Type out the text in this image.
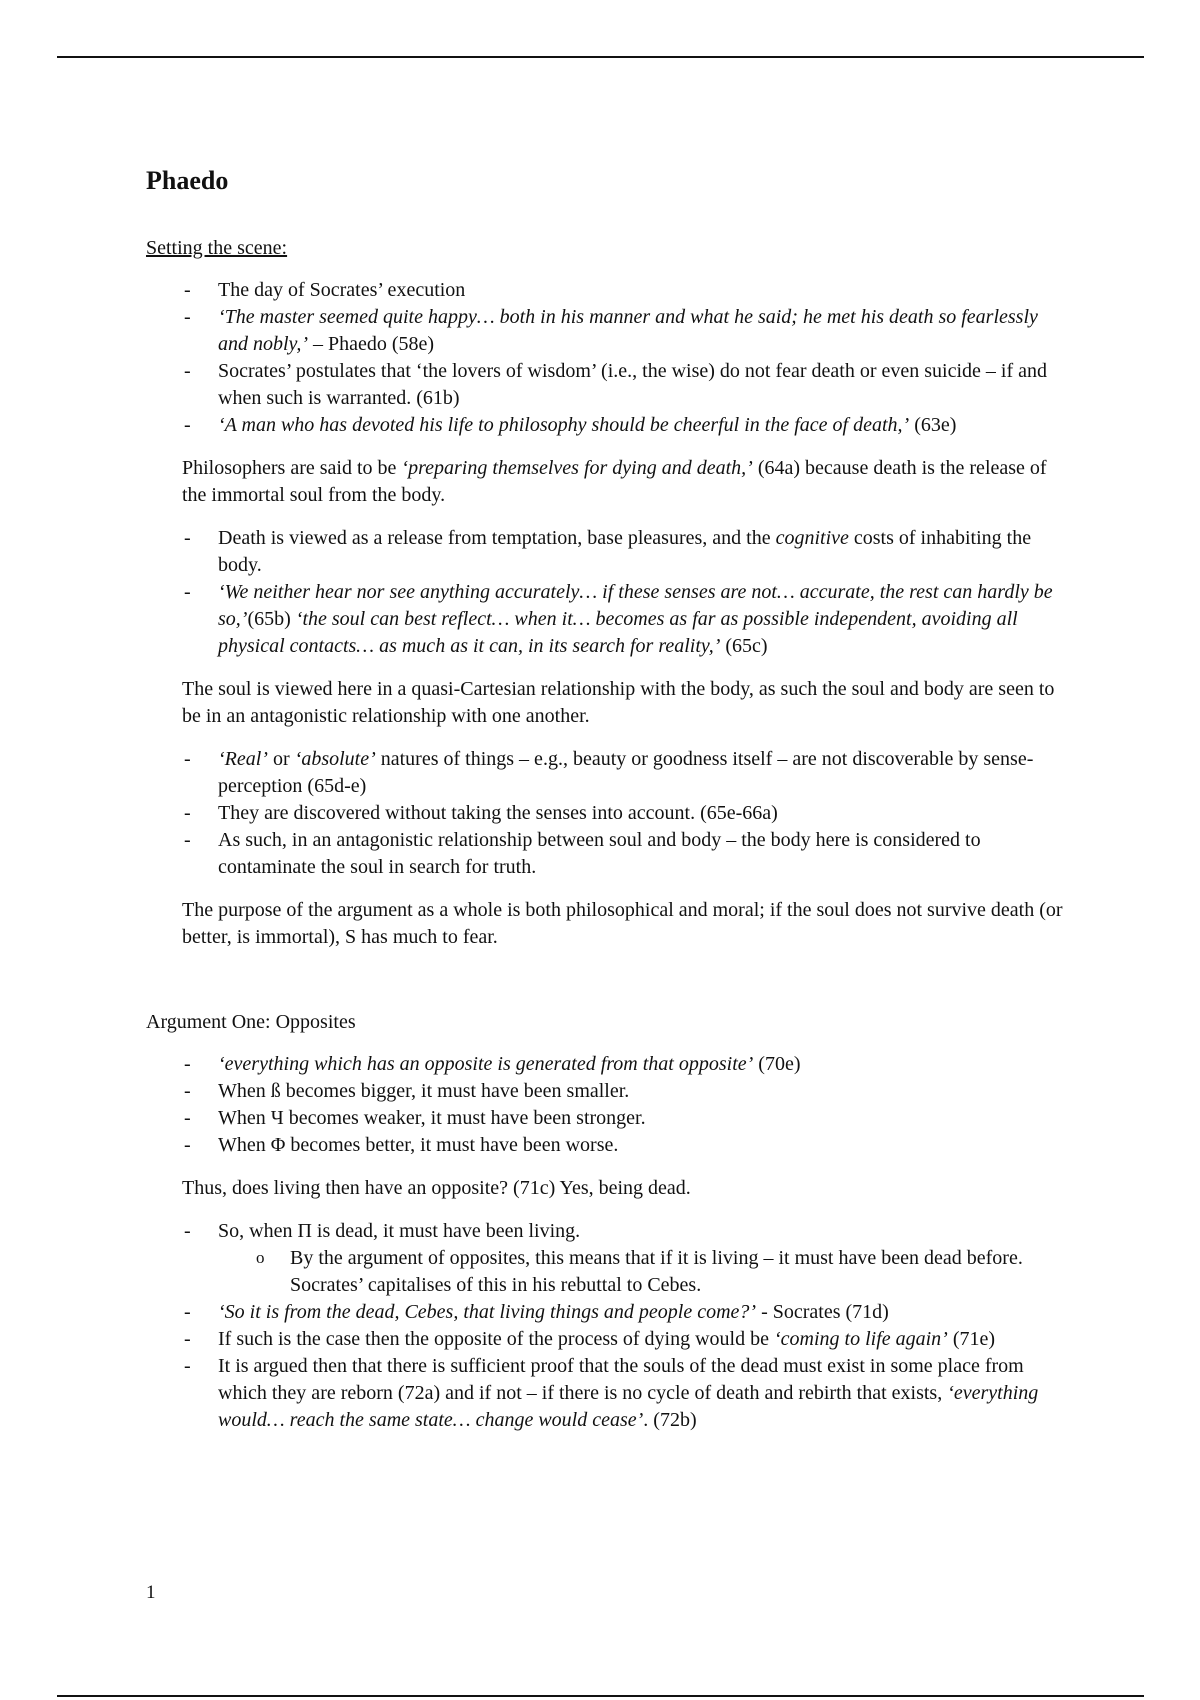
Phaedo
Setting the scene:
- The day of Socrates’ execution
- ‘The master seemed quite happy… both in his manner and what he said; he met his death so fearlessly and nobly,’ – Phaedo (58e)
- Socrates’ postulates that ‘the lovers of wisdom’ (i.e., the wise) do not fear death or even suicide – if and when such is warranted. (61b)
- ‘A man who has devoted his life to philosophy should be cheerful in the face of death,’ (63e)

Philosophers are said to be ‘preparing themselves for dying and death,’ (64a) because death is the release of the immortal soul from the body.

- Death is viewed as a release from temptation, base pleasures, and the cognitive costs of inhabiting the body.
- ‘We neither hear nor see anything accurately… if these senses are not… accurate, the rest can hardly be so,’(65b) ‘the soul can best reflect… when it… becomes as far as possible independent, avoiding all physical contacts… as much as it can, in its search for reality,’ (65c)

The soul is viewed here in a quasi-Cartesian relationship with the body, as such the soul and body are seen to be in an antagonistic relationship with one another.

- ‘Real’ or ‘absolute’ natures of things – e.g., beauty or goodness itself – are not discoverable by sense-perception (65d-e)
- They are discovered without taking the senses into account. (65e-66a)
- As such, in an antagonistic relationship between soul and body – the body here is considered to contaminate the soul in search for truth.

The purpose of the argument as a whole is both philosophical and moral; if the soul does not survive death (or better, is immortal), S has much to fear.

Argument One: Opposites
- ‘everything which has an opposite is generated from that opposite’ (70e)
- When ß becomes bigger, it must have been smaller.
- When Ч becomes weaker, it must have been stronger.
- When Φ becomes better, it must have been worse.

Thus, does living then have an opposite? (71c) Yes, being dead.

- So, when Π is dead, it must have been living.
o By the argument of opposites, this means that if it is living – it must have been dead before. Socrates’ capitalises of this in his rebuttal to Cebes.
- ‘So it is from the dead, Cebes, that living things and people come?’ - Socrates (71d)
- If such is the case then the opposite of the process of dying would be ‘coming to life again’ (71e)
- It is argued then that there is sufficient proof that the souls of the dead must exist in some place from which they are reborn (72a) and if not – if there is no cycle of death and rebirth that exists, ‘everything would… reach the same state… change would cease’. (72b)
1
